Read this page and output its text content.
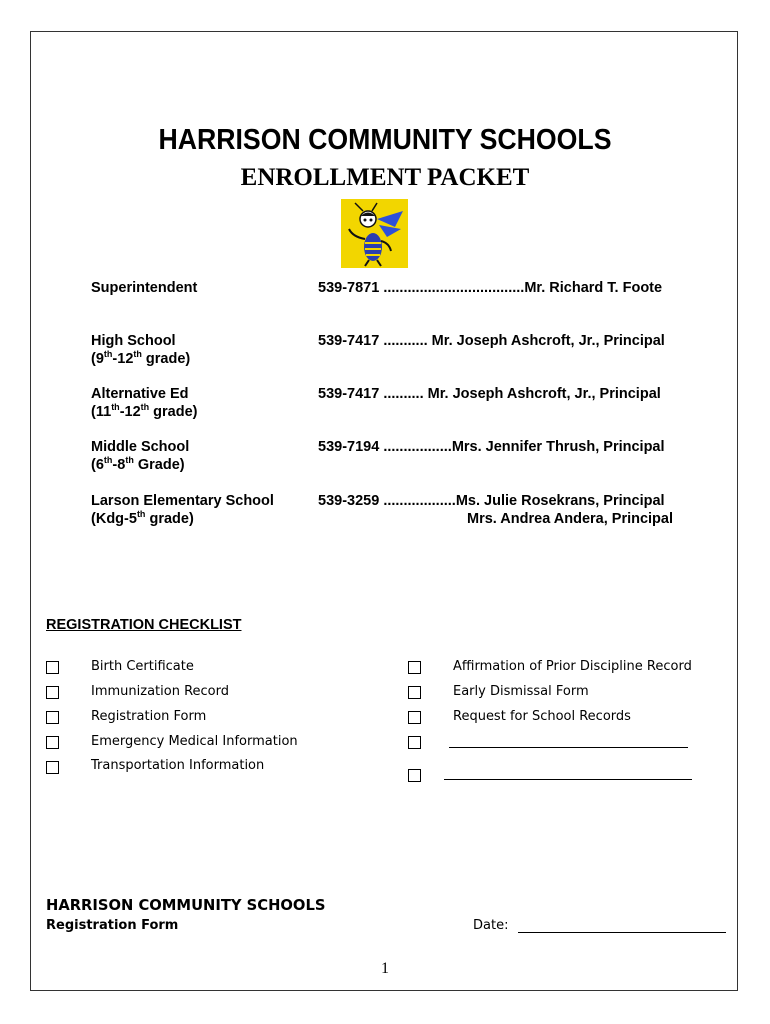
HARRISON COMMUNITY SCHOOLS
ENROLLMENT PACKET
Superintendent	539-7871 ...................................Mr. Richard T. Foote
High School
(9th-12th grade)
539-7417 ........... Mr. Joseph Ashcroft, Jr., Principal
Alternative Ed
(11th-12th grade)
539-7417 .......... Mr. Joseph Ashcroft, Jr., Principal
Middle School
(6th-8th Grade)
539-7194 .................Mrs. Jennifer Thrush, Principal
Larson Elementary School
(Kdg-5th grade)
539-3259 ..................Ms. Julie Rosekrans, Principal
Mrs. Andrea Andera, Principal
REGISTRATION CHECKLIST
Birth Certificate
Immunization Record
Registration Form
Emergency Medical Information
Transportation Information
Affirmation of Prior Discipline Record
Early Dismissal Form
Request for School Records
HARRISON COMMUNITY SCHOOLS
Registration Form	Date:
1
